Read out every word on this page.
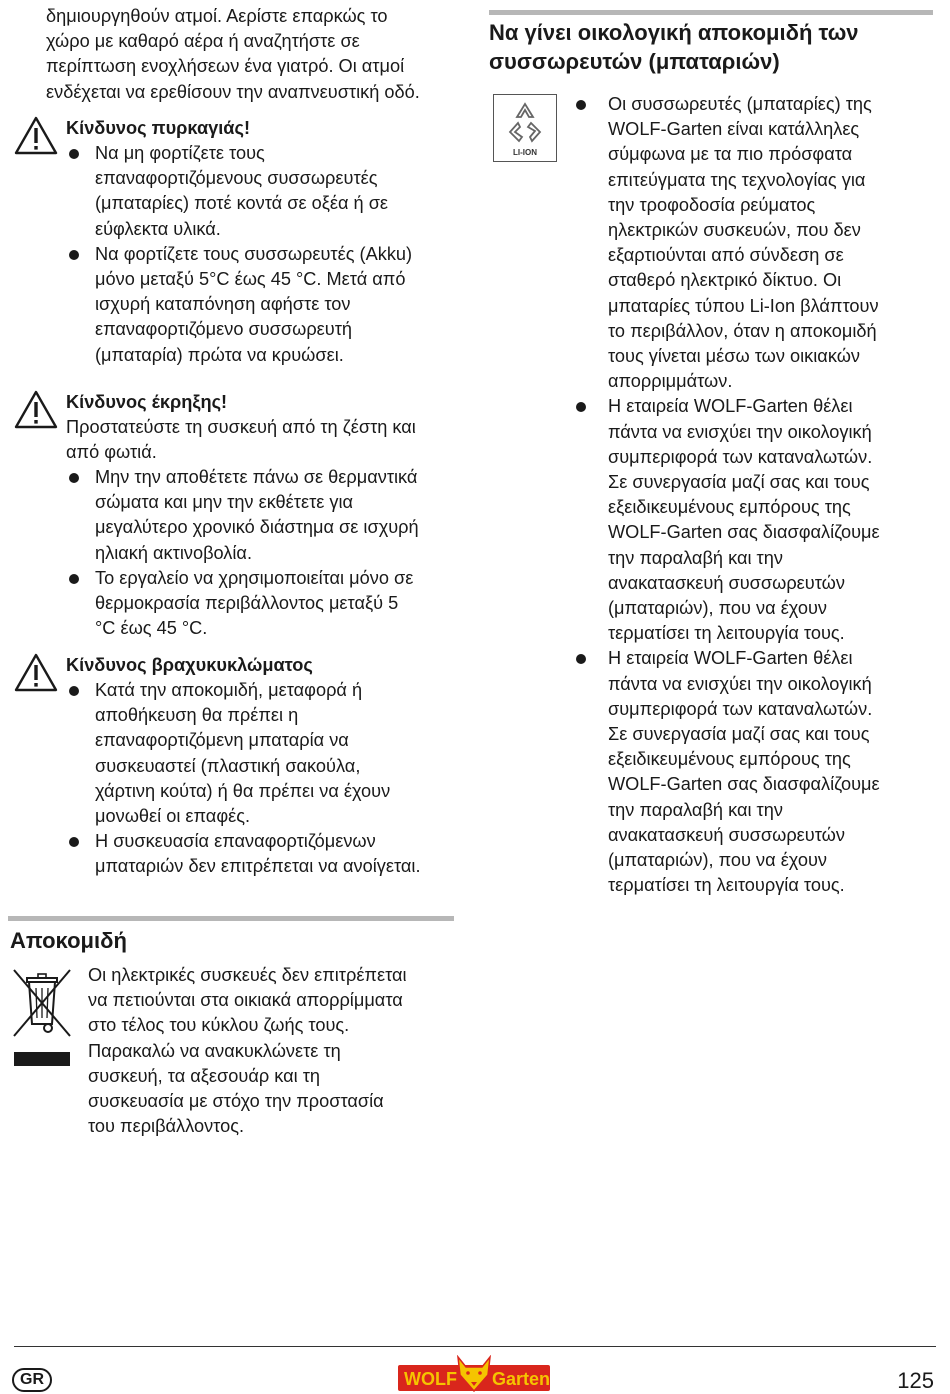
δημιουργηθούν ατμοί. Αερίστε επαρκώς το
χώρο με καθαρό αέρα ή αναζητήστε σε
περίπτωση ενοχλήσεων ένα γιατρό. Οι ατμοί
ενδέχεται να ερεθίσουν την αναπνευστική οδό.
Κίνδυνος πυρκαγιάς!
Να μη φορτίζετε τους
επαναφορτιζόμενους συσσωρευτές
(μπαταρίες) ποτέ κοντά σε οξέα ή σε
εύφλεκτα υλικά.
Να φορτίζετε τους συσσωρευτές (Akku)
μόνο μεταξύ 5°C έως 45 °C. Μετά από
ισχυρή καταπόνηση αφήστε τον
επαναφορτιζόμενο συσσωρευτή
(μπαταρία) πρώτα να κρυώσει.
Κίνδυνος έκρηξης!
Προστατεύστε τη συσκευή από τη ζέστη και
από φωτιά.
Μην την αποθέτετε πάνω σε θερμαντικά
σώματα και μην την εκθέτετε για
μεγαλύτερο χρονικό διάστημα σε ισχυρή
ηλιακή ακτινοβολία.
Το εργαλείο να χρησιμοποιείται μόνο σε
θερμοκρασία περιβάλλοντος μεταξύ 5
°C έως 45 °C.
Κίνδυνος βραχυκυκλώματος
Κατά την αποκομιδή, μεταφορά ή
αποθήκευση θα πρέπει η
επαναφορτιζόμενη μπαταρία να
συσκευαστεί (πλαστική σακούλα,
χάρτινη κούτα) ή θα πρέπει να έχουν
μονωθεί οι επαφές.
Η συσκευασία επαναφορτιζόμενων
μπαταριών δεν επιτρέπεται να ανοίγεται.
Αποκομιδή
Οι ηλεκτρικές συσκευές δεν επιτρέπεται
να πετιούνται στα οικιακά απορρίμματα
στο τέλος του κύκλου ζωής τους.
Παρακαλώ να ανακυκλώνετε τη
συσκευή, τα αξεσουάρ και τη
συσκευασία με στόχο την προστασία
του περιβάλλοντος.
Να γίνει οικολογική αποκομιδή των
συσσωρευτών (μπαταριών)
LI-ION
Οι συσσωρευτές (μπαταρίες) της
WOLF-Garten είναι κατάλληλες
σύμφωνα με τα πιο πρόσφατα
επιτεύγματα της τεχνολογίας για
την τροφοδοσία ρεύματος
ηλεκτρικών συσκευών, που δεν
εξαρτιούνται από σύνδεση σε
σταθερό ηλεκτρικό δίκτυο. Οι
μπαταρίες τύπου Li-Ion βλάπτουν
το περιβάλλον, όταν η αποκομιδή
τους γίνεται μέσω των οικιακών
απορριμμάτων.
Η εταιρεία WOLF-Garten θέλει
πάντα να ενισχύει την οικολογική
συμπεριφορά των καταναλωτών.
Σε συνεργασία μαζί σας και τους
εξειδικευμένους εμπόρους της
WOLF-Garten σας διασφαλίζουμε
την παραλαβή και την
ανακατασκευή συσσωρευτών
(μπαταριών), που να έχουν
τερματίσει τη λειτουργία τους.
Η εταιρεία WOLF-Garten θέλει
πάντα να ενισχύει την οικολογική
συμπεριφορά των καταναλωτών.
Σε συνεργασία μαζί σας και τους
εξειδικευμένους εμπόρους της
WOLF-Garten σας διασφαλίζουμε
την παραλαβή και την
ανακατασκευή συσσωρευτών
(μπαταριών), που να έχουν
τερματίσει τη λειτουργία τους.
GR	WOLF Garten	125
